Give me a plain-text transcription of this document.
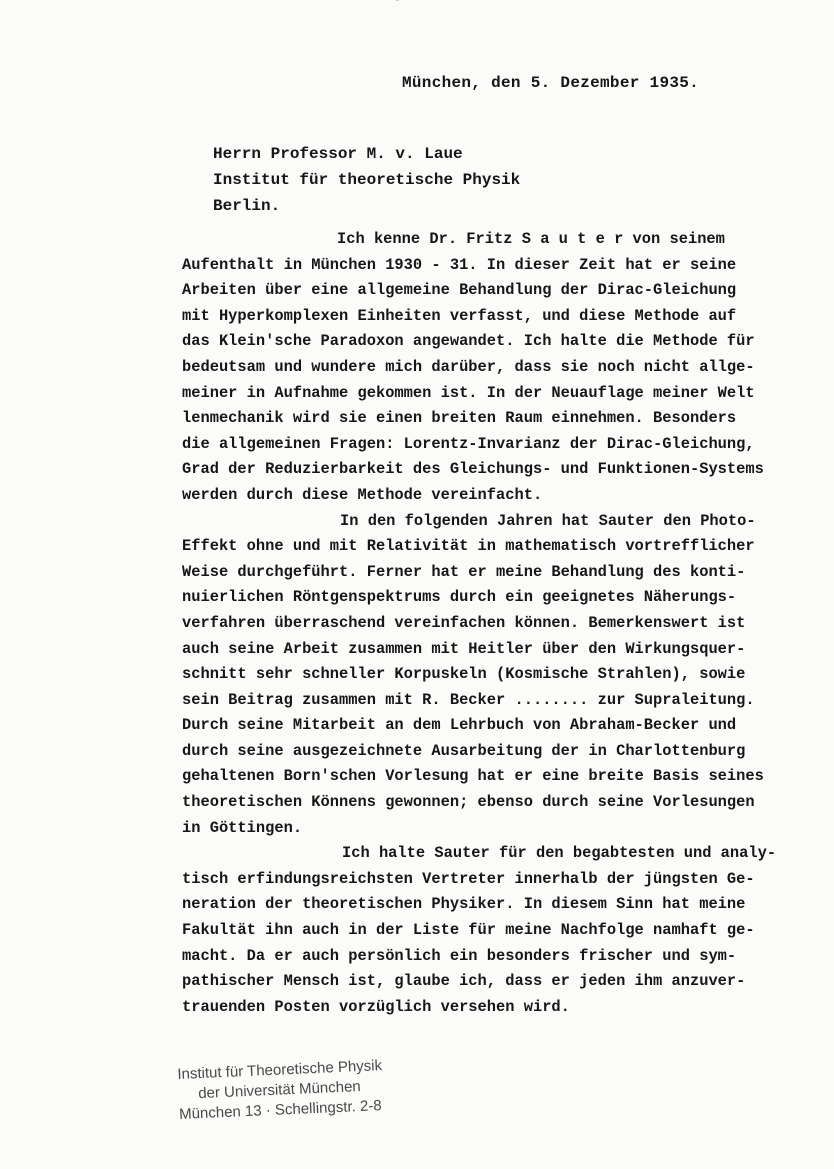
˘
München, den 5. Dezember 1935.
Herrn Professor M. v. Laue
Institut für theoretische Physik
Berlin.
Ich kenne Dr. Fritz S a u t e r von seinem
Aufenthalt in München 1930 - 31. In dieser Zeit hat er seine
Arbeiten über eine allgemeine Behandlung der Dirac-Gleichung
mit Hyperkomplexen Einheiten verfasst, und diese Methode auf
das Klein'sche Paradoxon angewandet. Ich halte die Methode für
bedeutsam und wundere mich darüber, dass sie noch nicht allge-
meiner in Aufnahme gekommen ist. In der Neuauflage meiner Welt
lenmechanik wird sie einen breiten Raum einnehmen. Besonders
die allgemeinen Fragen: Lorentz-Invarianz der Dirac-Gleichung,
Grad der Reduzierbarkeit des Gleichungs- und Funktionen-Systems
werden durch diese Methode vereinfacht.
In den folgenden Jahren hat Sauter den Photo-
Effekt ohne und mit Relativität in mathematisch vortrefflicher
Weise durchgeführt. Ferner hat er meine Behandlung des konti-
nuierlichen Röntgenspektrums durch ein geeignetes Näherungs-
verfahren überraschend vereinfachen können. Bemerkenswert ist
auch seine Arbeit zusammen mit Heitler über den Wirkungsquer-
schnitt sehr schneller Korpuskeln (Kosmische Strahlen), sowie
sein Beitrag zusammen mit R. Becker ........ zur Supraleitung.
Durch seine Mitarbeit an dem Lehrbuch von Abraham-Becker und
durch seine ausgezeichnete Ausarbeitung der in Charlottenburg
gehaltenen Born'schen Vorlesung hat er eine breite Basis seines
theoretischen Könnens gewonnen; ebenso durch seine Vorlesungen
in Göttingen.
Ich halte Sauter für den begabtesten und analy-
tisch erfindungsreichsten Vertreter innerhalb der jüngsten Ge-
neration der theoretischen Physiker. In diesem Sinn hat meine
Fakultät ihn auch in der Liste für meine Nachfolge namhaft ge-
macht. Da er auch persönlich ein besonders frischer und sym-
pathischer Mensch ist, glaube ich, dass er jeden ihm anzuver-
trauenden Posten vorzüglich versehen wird.
Institut für Theoretische Physik
der Universität München
München 13 · Schellingstr. 2-8
